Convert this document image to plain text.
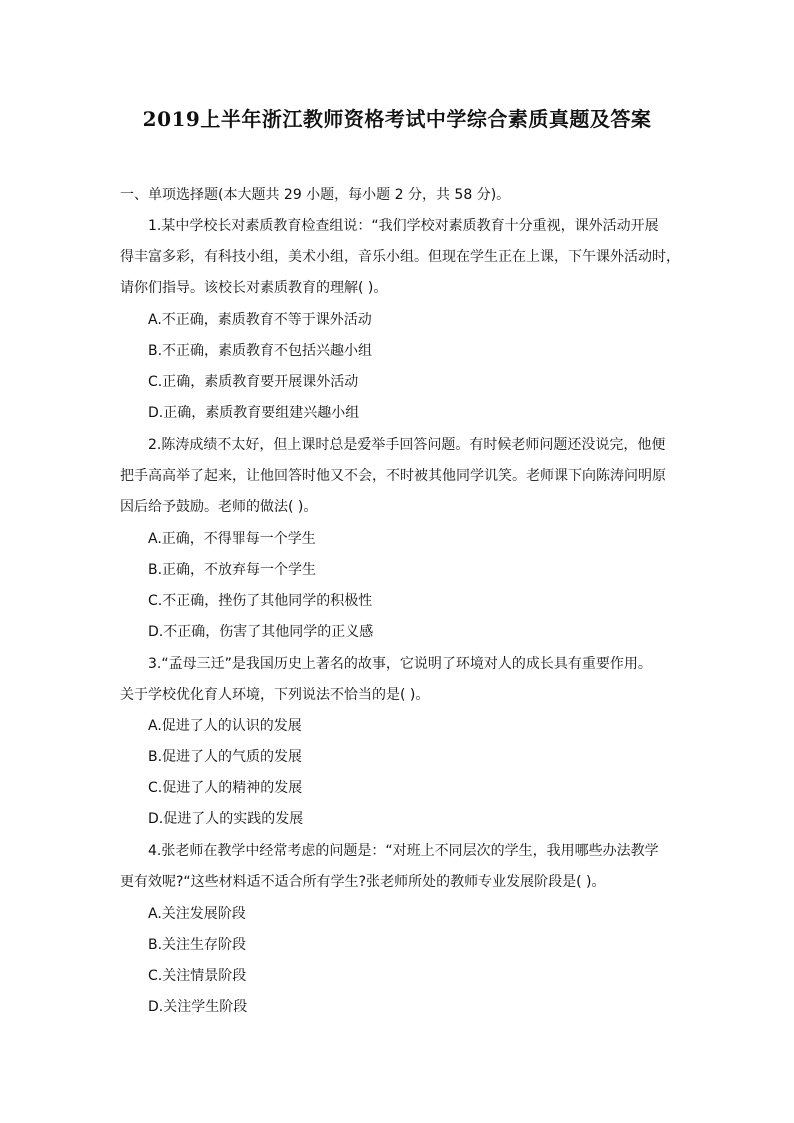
2019上半年浙江教师资格考试中学综合素质真题及答案
一、单项选择题(本大题共 29 小题，每小题 2 分，共 58 分)。
1.某中学校长对素质教育检查组说：“我们学校对素质教育十分重视，课外活动开展
得丰富多彩，有科技小组，美术小组，音乐小组。但现在学生正在上课，下午课外活动时，
请你们指导。该校长对素质教育的理解( )。
A.不正确，素质教育不等于课外活动
B.不正确，素质教育不包括兴趣小组
C.正确，素质教育要开展课外活动
D.正确，素质教育要组建兴趣小组
2.陈涛成绩不太好，但上课时总是爱举手回答问题。有时候老师问题还没说完，他便
把手高高举了起来，让他回答时他又不会，不时被其他同学讥笑。老师课下向陈涛问明原
因后给予鼓励。老师的做法( )。
A.正确，不得罪每一个学生
B.正确，不放弃每一个学生
C.不正确，挫伤了其他同学的积极性
D.不正确，伤害了其他同学的正义感
3.“孟母三迁”是我国历史上著名的故事，它说明了环境对人的成长具有重要作用。
关于学校优化育人环境，下列说法不恰当的是( )。
A.促进了人的认识的发展
B.促进了人的气质的发展
C.促进了人的精神的发展
D.促进了人的实践的发展
4.张老师在教学中经常考虑的问题是：“对班上不同层次的学生，我用哪些办法教学
更有效呢?“这些材料适不适合所有学生?张老师所处的教师专业发展阶段是( )。
A.关注发展阶段
B.关注生存阶段
C.关注情景阶段
D.关注学生阶段
